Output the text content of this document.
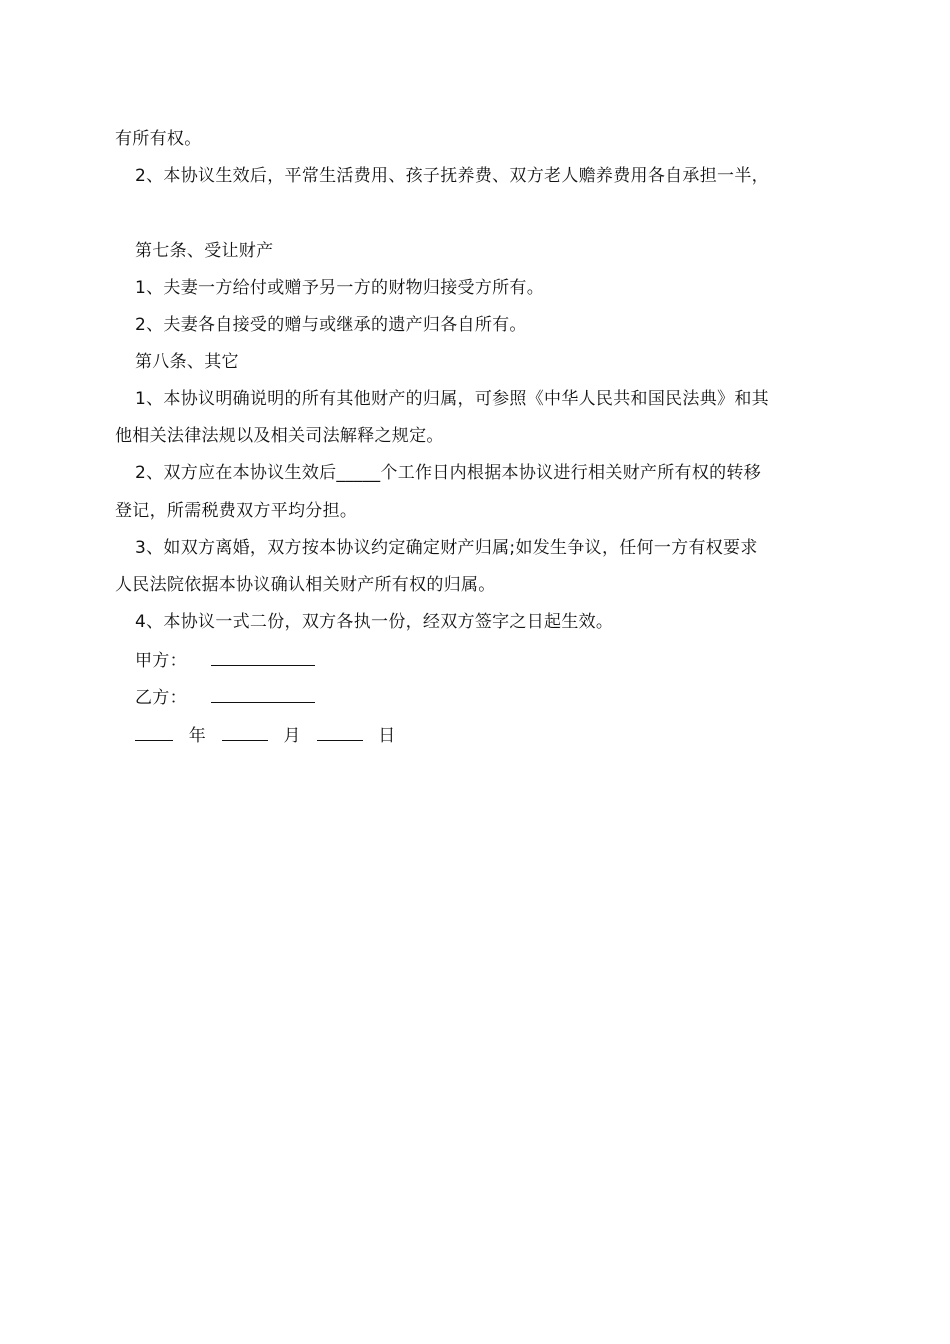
有所有权。
2、本协议生效后，平常生活费用、孩子抚养费、双方老人赡养费用各自承担一半，
第七条、受让财产
1、夫妻一方给付或赠予另一方的财物归接受方所有。
2、夫妻各自接受的赠与或继承的遗产归各自所有。
第八条、其它
1、本协议明确说明的所有其他财产的归属，可参照《中华人民共和国民法典》和其
他相关法律法规以及相关司法解释之规定。
2、双方应在本协议生效后_____个工作日内根据本协议进行相关财产所有权的转移
登记，所需税费双方平均分担。
3、如双方离婚，双方按本协议约定确定财产归属;如发生争议，任何一方有权要求
人民法院依据本协议确认相关财产所有权的归属。
4、本协议一式二份，双方各执一份，经双方签字之日起生效。
甲方：
乙方：
年	月	日
